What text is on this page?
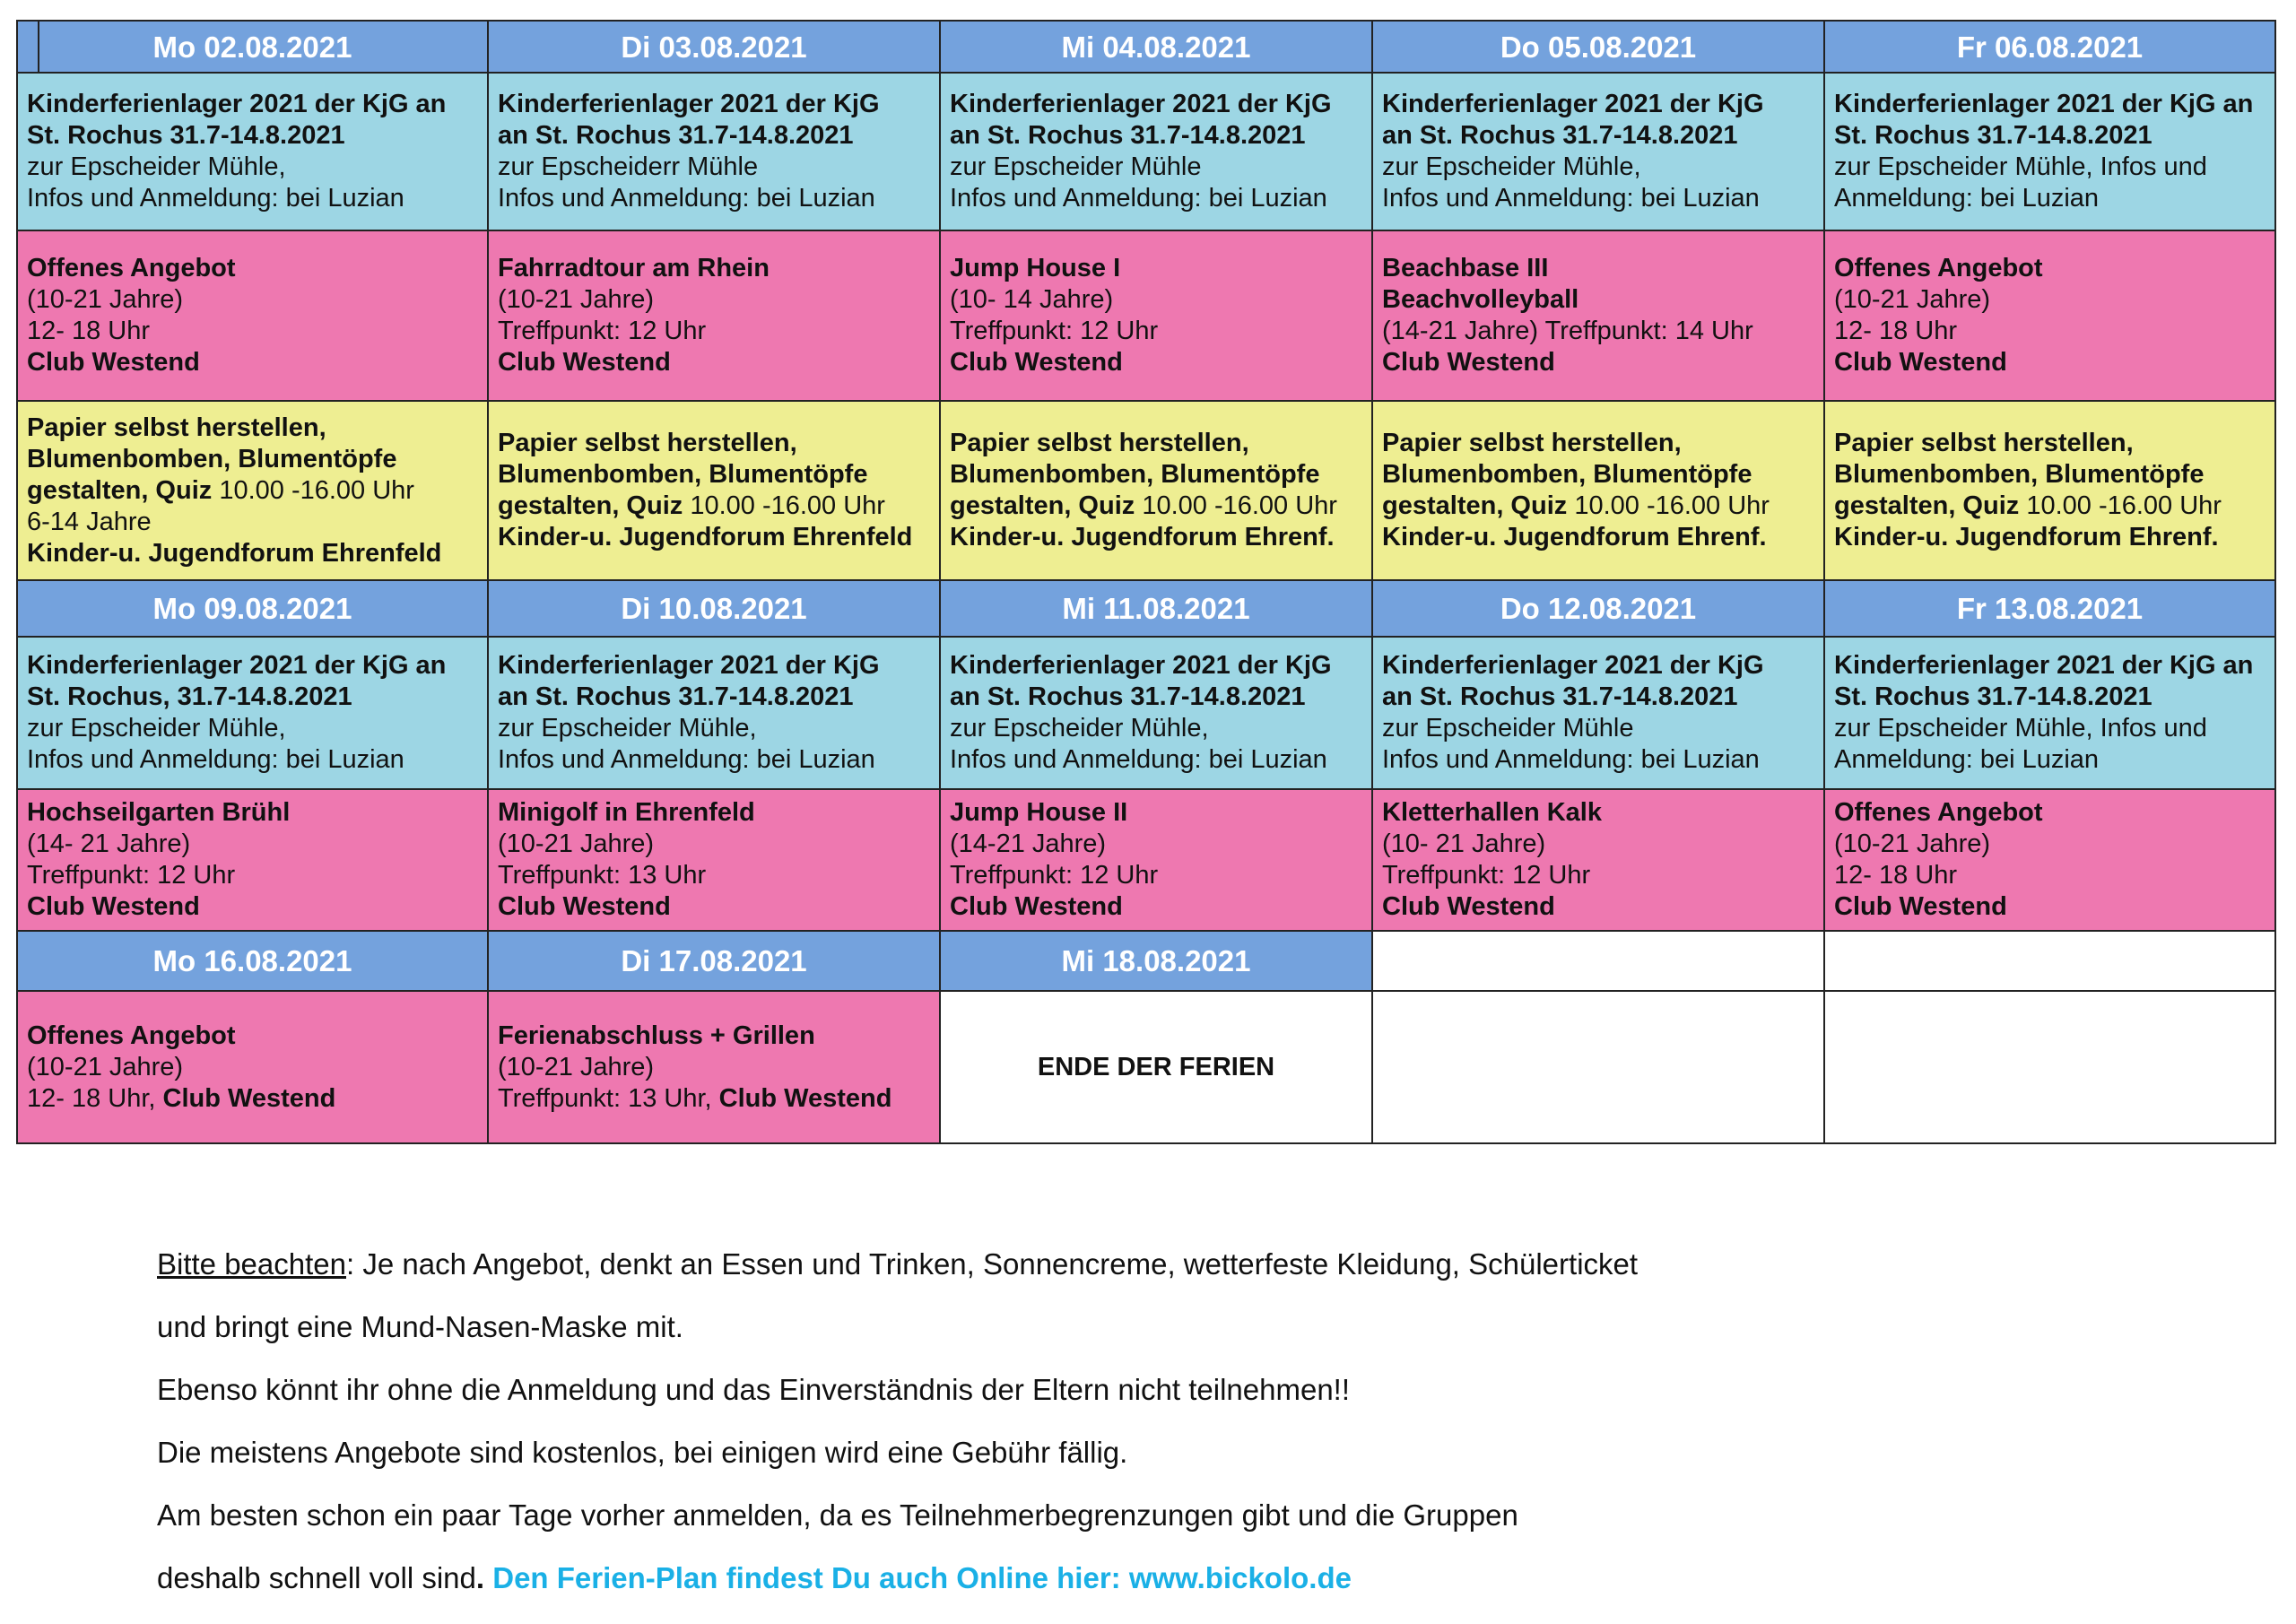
Mo 02.08.2021	Di 03.08.2021	Mi 04.08.2021	Do 05.08.2021	Fr 06.08.2021

Kinderferienlager 2021 der KjG an
St. Rochus 31.7-14.8.2021
zur Epscheider Mühle,
Infos und Anmeldung: bei Luzian	Kinderferienlager 2021 der KjG
an St. Rochus 31.7-14.8.2021
zur Epscheiderr Mühle
Infos und Anmeldung: bei Luzian	Kinderferienlager 2021 der KjG
an St. Rochus 31.7-14.8.2021
zur Epscheider Mühle
Infos und Anmeldung: bei Luzian	Kinderferienlager 2021 der KjG
an St. Rochus 31.7-14.8.2021
zur Epscheider Mühle,
Infos und Anmeldung: bei Luzian	Kinderferienlager 2021 der KjG an
St. Rochus 31.7-14.8.2021
zur Epscheider Mühle, Infos und
Anmeldung: bei Luzian

Offenes Angebot
(10-21 Jahre)
12- 18 Uhr
Club Westend	Fahrradtour am Rhein
(10-21 Jahre)
Treffpunkt: 12 Uhr
Club Westend	Jump House I
(10- 14 Jahre)
Treffpunkt: 12 Uhr
Club Westend	Beachbase III
Beachvolleyball
(14-21 Jahre) Treffpunkt: 14 Uhr
Club Westend	Offenes Angebot
(10-21 Jahre)
12- 18 Uhr
Club Westend

Papier selbst herstellen,
Blumenbomben, Blumentöpfe
gestalten, Quiz 10.00 -16.00 Uhr
6-14 Jahre
Kinder-u. Jugendforum Ehrenfeld	Papier selbst herstellen,
Blumenbomben, Blumentöpfe
gestalten, Quiz 10.00 -16.00 Uhr
Kinder-u. Jugendforum Ehrenfeld	Papier selbst herstellen,
Blumenbomben, Blumentöpfe
gestalten, Quiz 10.00 -16.00 Uhr
Kinder-u. Jugendforum Ehrenf.	Papier selbst herstellen,
Blumenbomben, Blumentöpfe
gestalten, Quiz 10.00 -16.00 Uhr
Kinder-u. Jugendforum Ehrenf.	Papier selbst herstellen,
Blumenbomben, Blumentöpfe
gestalten, Quiz 10.00 -16.00 Uhr
Kinder-u. Jugendforum Ehrenf.

Mo 09.08.2021	Di 10.08.2021	Mi 11.08.2021	Do 12.08.2021	Fr 13.08.2021

Kinderferienlager 2021 der KjG an
St. Rochus, 31.7-14.8.2021
zur Epscheider Mühle,
Infos und Anmeldung: bei Luzian	Kinderferienlager 2021 der KjG
an St. Rochus 31.7-14.8.2021
zur Epscheider Mühle,
Infos und Anmeldung: bei Luzian	Kinderferienlager 2021 der KjG
an St. Rochus 31.7-14.8.2021
zur Epscheider Mühle,
Infos und Anmeldung: bei Luzian	Kinderferienlager 2021 der KjG
an St. Rochus 31.7-14.8.2021
zur Epscheider Mühle
Infos und Anmeldung: bei Luzian	Kinderferienlager 2021 der KjG an
St. Rochus 31.7-14.8.2021
zur Epscheider Mühle, Infos und
Anmeldung: bei Luzian

Hochseilgarten Brühl
(14- 21 Jahre)
Treffpunkt: 12 Uhr
Club Westend	Minigolf in Ehrenfeld
(10-21 Jahre)
Treffpunkt: 13 Uhr
Club Westend	Jump House II
(14-21 Jahre)
Treffpunkt: 12 Uhr
Club Westend	Kletterhallen Kalk
(10- 21 Jahre)
Treffpunkt: 12 Uhr
Club Westend	Offenes Angebot
(10-21 Jahre)
12- 18 Uhr
Club Westend

Mo 16.08.2021	Di 17.08.2021	Mi 18.08.2021		

Offenes Angebot
(10-21 Jahre)
12- 18 Uhr, Club Westend	Ferienabschluss + Grillen
(10-21 Jahre)
Treffpunkt: 13 Uhr, Club Westend	ENDE DER FERIEN		

Bitte beachten: Je nach Angebot, denkt an Essen und Trinken, Sonnencreme, wetterfeste Kleidung, Schülerticket

und bringt eine Mund-Nasen-Maske mit.

Ebenso könnt ihr ohne die Anmeldung und das Einverständnis der Eltern nicht teilnehmen!!

Die meistens Angebote sind kostenlos, bei einigen wird eine Gebühr fällig.

Am besten schon ein paar Tage vorher anmelden, da es Teilnehmerbegrenzungen gibt und die Gruppen

deshalb schnell voll sind. Den Ferien-Plan findest Du auch Online hier: www.bickolo.de
